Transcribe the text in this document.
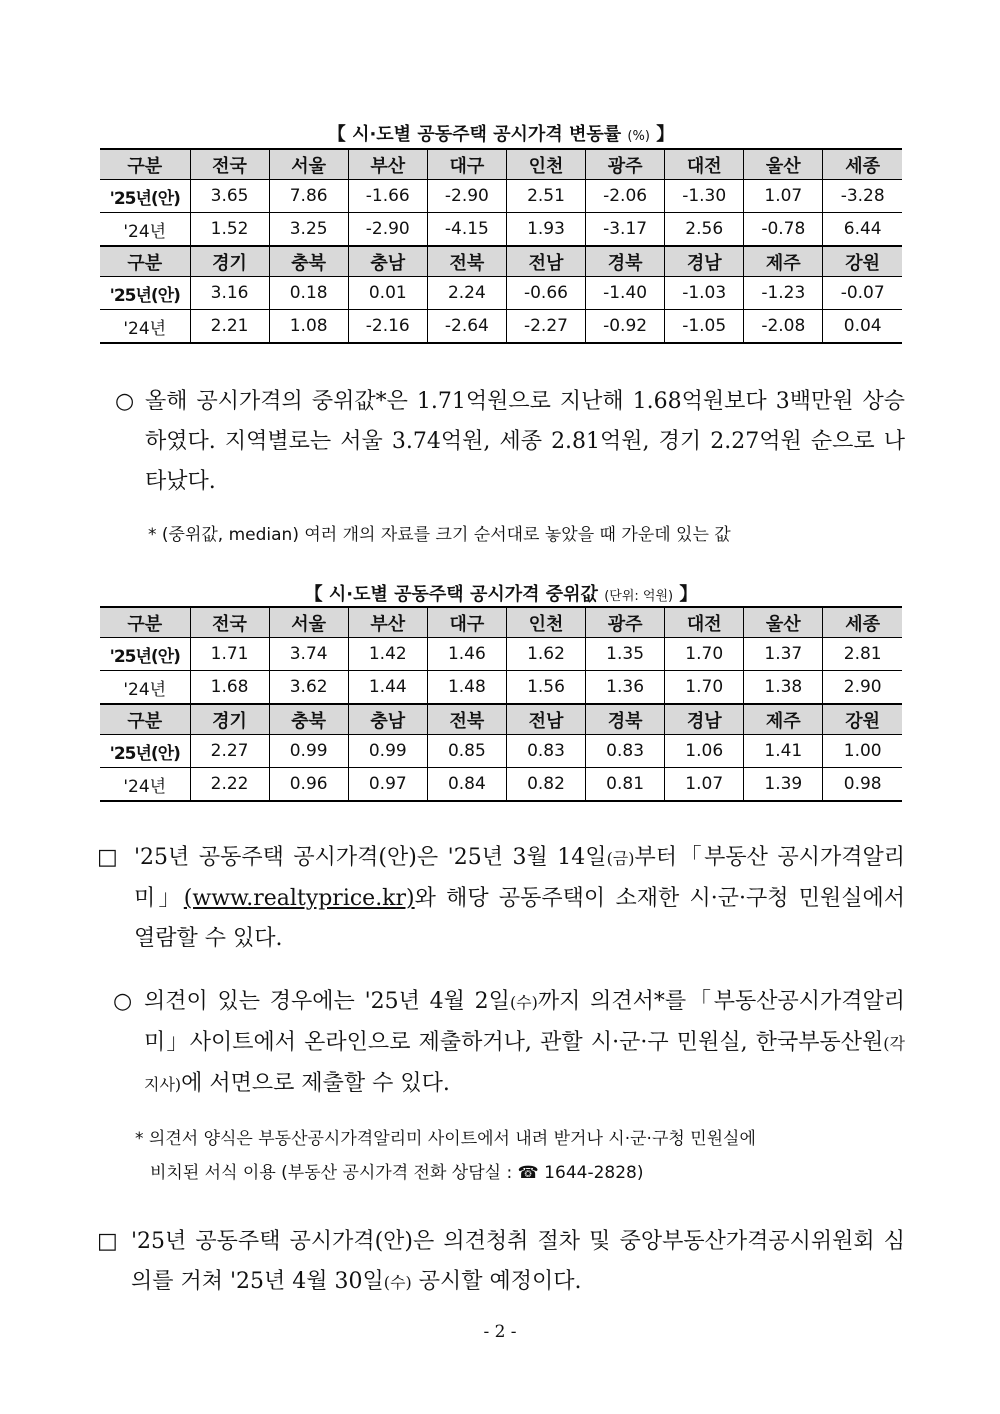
【 시·도별 공동주택 공시가격 변동률 (%) 】
구분	전국	서울	부산	대구	인천	광주	대전	울산	세종
'25년(안)	3.65	7.86	-1.66	-2.90	2.51	-2.06	-1.30	1.07	-3.28
'24년	1.52	3.25	-2.90	-4.15	1.93	-3.17	2.56	-0.78	6.44
구분	경기	충북	충남	전북	전남	경북	경남	제주	강원
'25년(안)	3.16	0.18	0.01	2.24	-0.66	-1.40	-1.03	-1.23	-0.07
'24년	2.21	1.08	-2.16	-2.64	-2.27	-0.92	-1.05	-2.08	0.04
○ 올해 공시가격의 중위값*은 1.71억원으로 지난해 1.68억원보다 3백만원 상승하였다. 지역별로는 서울 3.74억원, 세종 2.81억원, 경기 2.27억원 순으로 나타났다.
* (중위값, median) 여러 개의 자료를 크기 순서대로 놓았을 때 가운데 있는 값
【 시·도별 공동주택 공시가격 중위값 (단위: 억원) 】
구분	전국	서울	부산	대구	인천	광주	대전	울산	세종
'25년(안)	1.71	3.74	1.42	1.46	1.62	1.35	1.70	1.37	2.81
'24년	1.68	3.62	1.44	1.48	1.56	1.36	1.70	1.38	2.90
구분	경기	충북	충남	전북	전남	경북	경남	제주	강원
'25년(안)	2.27	0.99	0.99	0.85	0.83	0.83	1.06	1.41	1.00
'24년	2.22	0.96	0.97	0.84	0.82	0.81	1.07	1.39	0.98
□ '25년 공동주택 공시가격(안)은 '25년 3월 14일(금)부터「부동산 공시가격알리미」(www.realtyprice.kr)와 해당 공동주택이 소재한 시·군·구청 민원실에서 열람할 수 있다.
○ 의견이 있는 경우에는 '25년 4월 2일(수)까지 의견서*를「부동산공시가격알리미」사이트에서 온라인으로 제출하거나, 관할 시·군·구 민원실, 한국부동산원(각 지사)에 서면으로 제출할 수 있다.
* 의견서 양식은 부동산공시가격알리미 사이트에서 내려 받거나 시·군·구청 민원실에
비치된 서식 이용 (부동산 공시가격 전화 상담실 : ☎ 1644-2828)
□ '25년 공동주택 공시가격(안)은 의견청취 절차 및 중앙부동산가격공시위원회 심의를 거쳐 '25년 4월 30일(수) 공시할 예정이다.
- 2 -
